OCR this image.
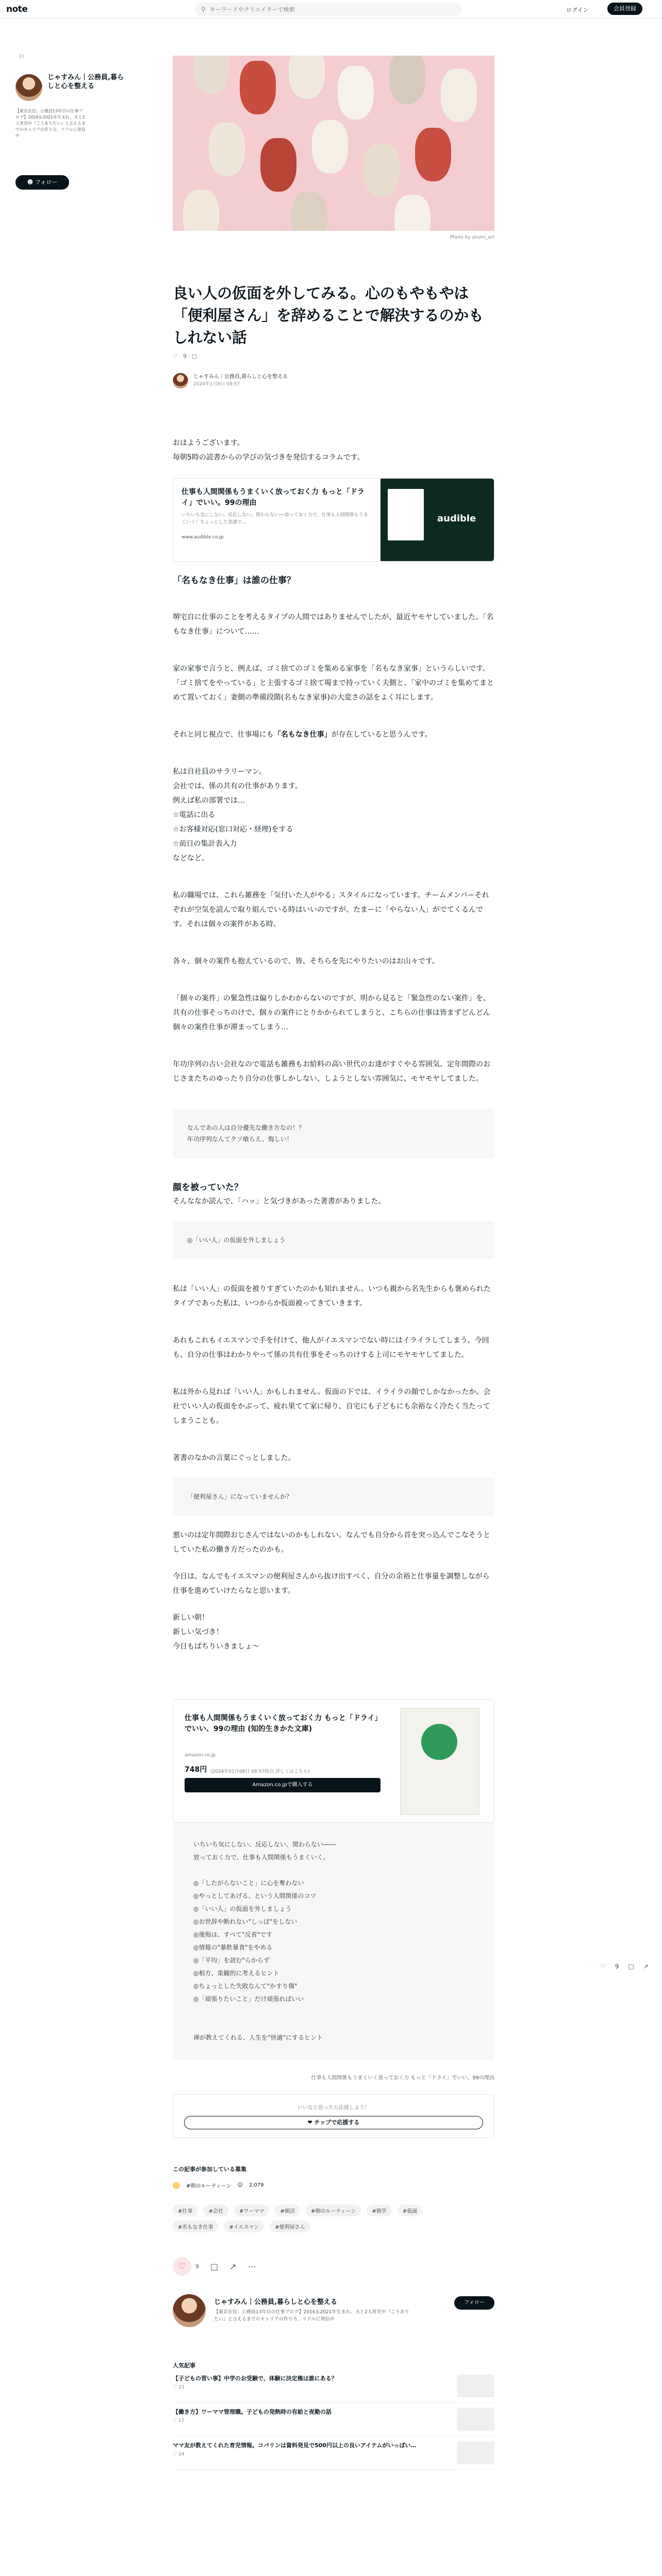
note	⚲
キーワードやクリエイターで検索	ログイン	会員登録
11
じゃすみん｜公務員,暮らしと心を整える
【東京在住：公務員13年目の仕事ブログ】2016＆2021年生まれ、夫と2人育児中『こうありたい』と言えるまでのキャリアの作り方、リアルに発信中
☻ フォロー
Photo by arumi_art
良い人の仮面を外してみる。心のもやもやは「便利屋さん」を辞めることで解決するのかもしれない話
♡ 9 □
じゃすみん｜公務員,暮らしと心を整える
2024年1月8日 08:57

おはようございます。

毎朝5時の読書からの学びの気づきを発信するコラムです。

仕事も人間関係もうまくいく放っておく力 もっと「ドライ」でいい。99の理由
いちいち気にしない。反応しない。関わらない──放っておく力で、仕事も人間関係もうまくいく！ちょっとした意識で…
www.audible.co.jp
audible
「名もなき仕事」は誰の仕事？

堺宅自に仕事のことを考えるタイプの人間ではありませんでしたが、最近ヤモヤしていました。「名もなき仕事」について……

家の家事で言うと、例えば、ゴミ捨てのゴミを集める家事を「名もなき家事」というらしいです。「ゴミ捨てをやっている」と主張するゴミ捨て場まで持っていく夫側と、「家中のゴミを集めてまとめて置いておく」妻側の準備段階(名もなき家事)の大変さの話をよく耳にします。

それと同じ視点で、仕事場にも「名もなき仕事」が存在していると思うんです。

私は自社員のサラリーマン。

会社では、係の共有の仕事があります。

例えば私の部署では…

☆電話に出る

☆お客様対応(窓口対応・経理)をする

☆前日の集計表入力

などなど。

私の職場では、これら雑務を「気付いた人がやる」スタイルになっています。チームメンバーそれぞれが空気を読んで取り組んでいる時はいいのですが、たまーに「やらない人」がでてくるんです。それは個々の案件がある時。

各々、個々の案件も抱えているので、皆、そちらを先にやりたいのはお山々です。

「個々の案件」の緊急性は偏りしかわからないのですが、明から見ると「緊急性のない案件」を、共有の仕事そっちのけで、個々の案件にとりかかられてしまうと、こちらの仕事は皆まずどんどん個々の案件仕事が滞まってしまう…

年功序列の古い会社なので電話も雑務もお給料の高い世代のお達がすぐやる雰囲気、定年間際のおじさまたちのゆったり自分の仕事しかしない、しようとしない雰囲気に、モヤモヤしてました。

なんであの人は自分優先な働き方なの！？
年功序列なんてクソ喰らえ、悔しい！
顔を被っていた？

そんななか読んで、「ハッ」と気づきがあった著書がありました。

◎「いい人」の仮面を外しましょう

私は「いい人」の仮面を被りすぎていたのかも知れません。いつも親から名先生からも褒められたタイプであった私は、いつからか仮面被ってきていきます。

あれもこれもイエスマンで手を付けて、他人がイエスマンでない時にはイライラしてしまう。今回も、自分の仕事はわかりやって係の共有仕事をそっちのけする上司にモヤモヤしてました。

私は外から見れば「いい人」かもしれません。仮面の下では、イライラの顔でしかなかったか。会社でいい人の仮面をかぶって、疲れ果てて家に帰り、自宅にも子どもにも余裕なく冷たく当たってしまうことも。

著書のなかの言葉にぐっとしました。

「便利屋さん」になっていませんか？

悪いのは定年間際おじさんではないのかもしれない。なんでも自分から首を突っ込んでこなそうとしていた私の働き方だったのかも。

今日は、なんでもイエスマンの便利屋さんから抜け出すべく、自分の余裕と仕事量を調整しながら仕事を進めていけたらなと思います。

新しい朝！

新しい気づき！

今日もぱちりいきましょ〜

仕事も人間関係もうまくいく放っておく力 もっと「ドライ」でいい、99の理由 (知的生きかた文庫)
amazon.co.jp
748円 (2024年01月08日 08:57時点 詳しくはこちら)
Amazon.co.jpで購入する

いちいち気にしない、反応しない、関わらない――

放っておく力で、仕事も人間関係もうまくいく。

◎「したがらないこと」に心を奪わない

◎やっとしてあげる、という人間関係のコツ

◎「いい人」の仮面を外しましょう

◎お世辞や断れない"しっぽ"をしない

◎後悔は、すべて"反省"です

◎情報の"暴飲暴食"をやめる

◎「平均」を読む"らからず

◎相方、楽観的に考えるヒント

◎ちょっとした失敗なんて"かすり傷"

◎「頑張りたいこと」だけ頑張ればいい

禅が教えてくれる、人生を"快適"にするヒント

仕事も人間関係もうまくいく放っておく力 もっと「ドライ」でいい、99の理由
いいなと思ったら応援しよう！
❤ チップで応援する
この記事が参加している募集
#朝のルーティーン ☺ 2,079
#仕事	#会社	#ワーママ	#朝活	#朝のルーティーン	#朝学	#仮面 #名もなき仕事	#イエスマン	#便利屋さん
♡	9 □ ↗ ⋯
じゃすみん｜公務員,暮らしと心を整える
【東京在住：公務員13年目の仕事ブログ】2016＆2021年生まれ、夫と2人育児中『こうありたい』と言えるまでのキャリアの作り方、リアルに発信中
フォロー
人気記事
【子どもの習い事】中学のお受験で、体験に決定権は誰にある？
♡ 23
【働き方】ワーママ管理職。子どもの発熱時の有給と夜勤の話
♡ 17
ママ友が教えてくれた育児情報。コバリンは資料発見で500円以上の良いアイテムがいっぱい…
♡ 14
♡ 9 □ ↗
